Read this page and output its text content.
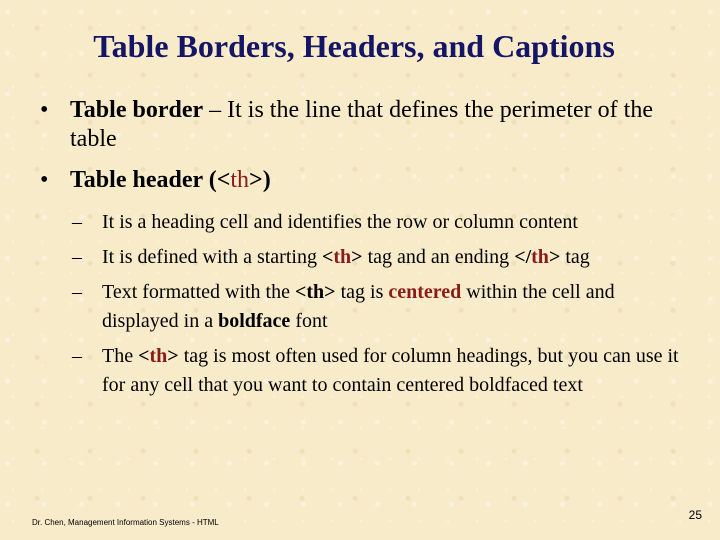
Table Borders, Headers, and Captions
• Table border – It is the line that defines the perimeter of the table
• Table header (<th>)
– It is a heading cell and identifies the row or column content
– It is defined with a starting <th> tag and an ending </th> tag
– Text formatted with the <th> tag is centered within the cell and displayed in a boldface font
– The <th> tag is most often used for column headings, but you can use it for any cell that you want to contain centered boldfaced text
Dr. Chen, Management Information Systems - HTML
25
